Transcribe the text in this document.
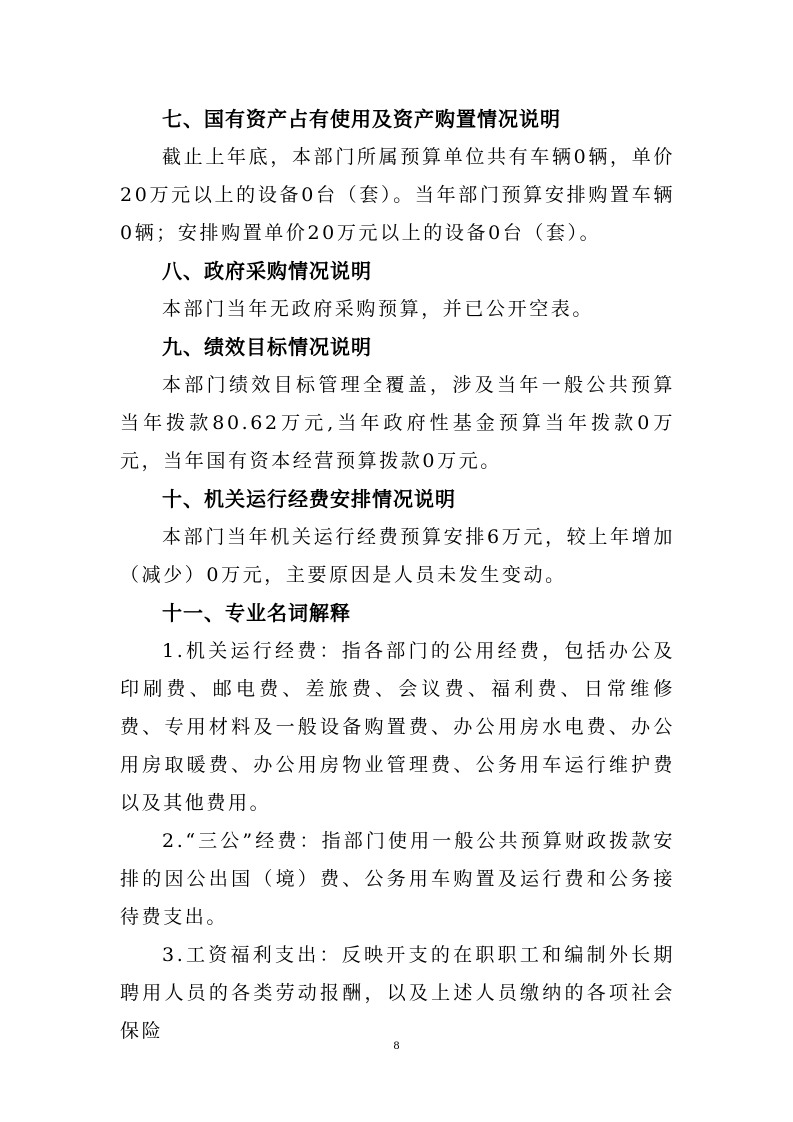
七、国有资产占有使用及资产购置情况说明

截止上年底，本部门所属预算单位共有车辆0辆，单价20万元以上的设备0台（套）。当年部门预算安排购置车辆0辆；安排购置单价20万元以上的设备0台（套）。

八、政府采购情况说明

本部门当年无政府采购预算，并已公开空表。

九、绩效目标情况说明

本部门绩效目标管理全覆盖，涉及当年一般公共预算当年拨款80.62万元,当年政府性基金预算当年拨款0万元，当年国有资本经营预算拨款0万元。

十、机关运行经费安排情况说明

本部门当年机关运行经费预算安排6万元，较上年增加（减少）0万元，主要原因是人员未发生变动。

十一、专业名词解释

1.机关运行经费：指各部门的公用经费，包括办公及印刷费、邮电费、差旅费、会议费、福利费、日常维修费、专用材料及一般设备购置费、办公用房水电费、办公用房取暖费、办公用房物业管理费、公务用车运行维护费以及其他费用。

2.“三公”经费：指部门使用一般公共预算财政拨款安排的因公出国（境）费、公务用车购置及运行费和公务接待费支出。

3.工资福利支出：反映开支的在职职工和编制外长期聘用人员的各类劳动报酬，以及上述人员缴纳的各项社会保险

8
